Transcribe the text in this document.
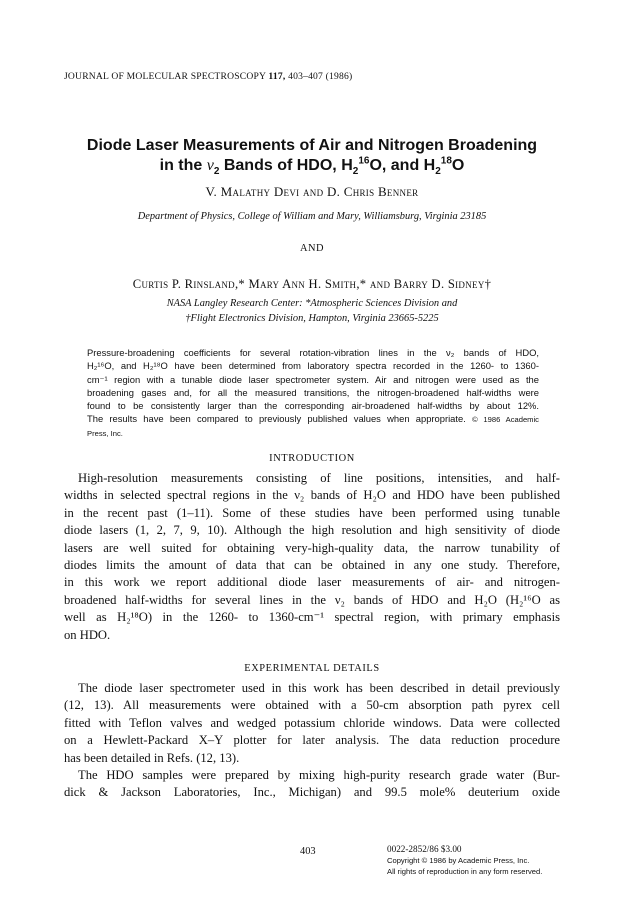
JOURNAL OF MOLECULAR SPECTROSCOPY 117, 403–407 (1986)
Diode Laser Measurements of Air and Nitrogen Broadening
in the $\nu_2$ Bands of HDO, $H_2^{16}O$, and $H_2^{18}O$
V. Malathy Devi and D. Chris Benner
Department of Physics, College of William and Mary, Williamsburg, Virginia 23185
AND
Curtis P. Rinsland,* Mary Ann H. Smith,* and Barry D. Sidney†
NASA Langley Research Center: *Atmospheric Sciences Division and
†Flight Electronics Division, Hampton, Virginia 23665-5225
Pressure-broadening coefficients for several rotation-vibration lines in the ν₂ bands of HDO,
H₂¹⁶O, and H₂¹⁸O have been determined from laboratory spectra recorded in the 1260- to 1360-
cm⁻¹ region with a tunable diode laser spectrometer system. Air and nitrogen were used as the
broadening gases and, for all the measured transitions, the nitrogen-broadened half-widths were
found to be consistently larger than the corresponding air-broadened half-widths by about 12%.
The results have been compared to previously published values when appropriate. © 1986 Academic
Press, Inc.
INTRODUCTION
High-resolution measurements consisting of line positions, intensities, and half-
widths in selected spectral regions in the ν₂ bands of H₂O and HDO have been published
in the recent past (1–11). Some of these studies have been performed using tunable
diode lasers (1, 2, 7, 9, 10). Although the high resolution and high sensitivity of diode
lasers are well suited for obtaining very-high-quality data, the narrow tunability of
diodes limits the amount of data that can be obtained in any one study. Therefore,
in this work we report additional diode laser measurements of air- and nitrogen-
broadened half-widths for several lines in the ν₂ bands of HDO and H₂O (H₂¹⁶O as
well as H₂¹⁸O) in the 1260- to 1360-cm⁻¹ spectral region, with primary emphasis
on HDO.
EXPERIMENTAL DETAILS
The diode laser spectrometer used in this work has been described in detail previously
(12, 13). All measurements were obtained with a 50-cm absorption path pyrex cell
fitted with Teflon valves and wedged potassium chloride windows. Data were collected
on a Hewlett-Packard X–Y plotter for later analysis. The data reduction procedure
has been detailed in Refs. (12, 13).
The HDO samples were prepared by mixing high-purity research grade water (Bur-
dick & Jackson Laboratories, Inc., Michigan) and 99.5 mole% deuterium oxide
403	0022-2852/86 $3.00
Copyright © 1986 by Academic Press, Inc.
All rights of reproduction in any form reserved.
